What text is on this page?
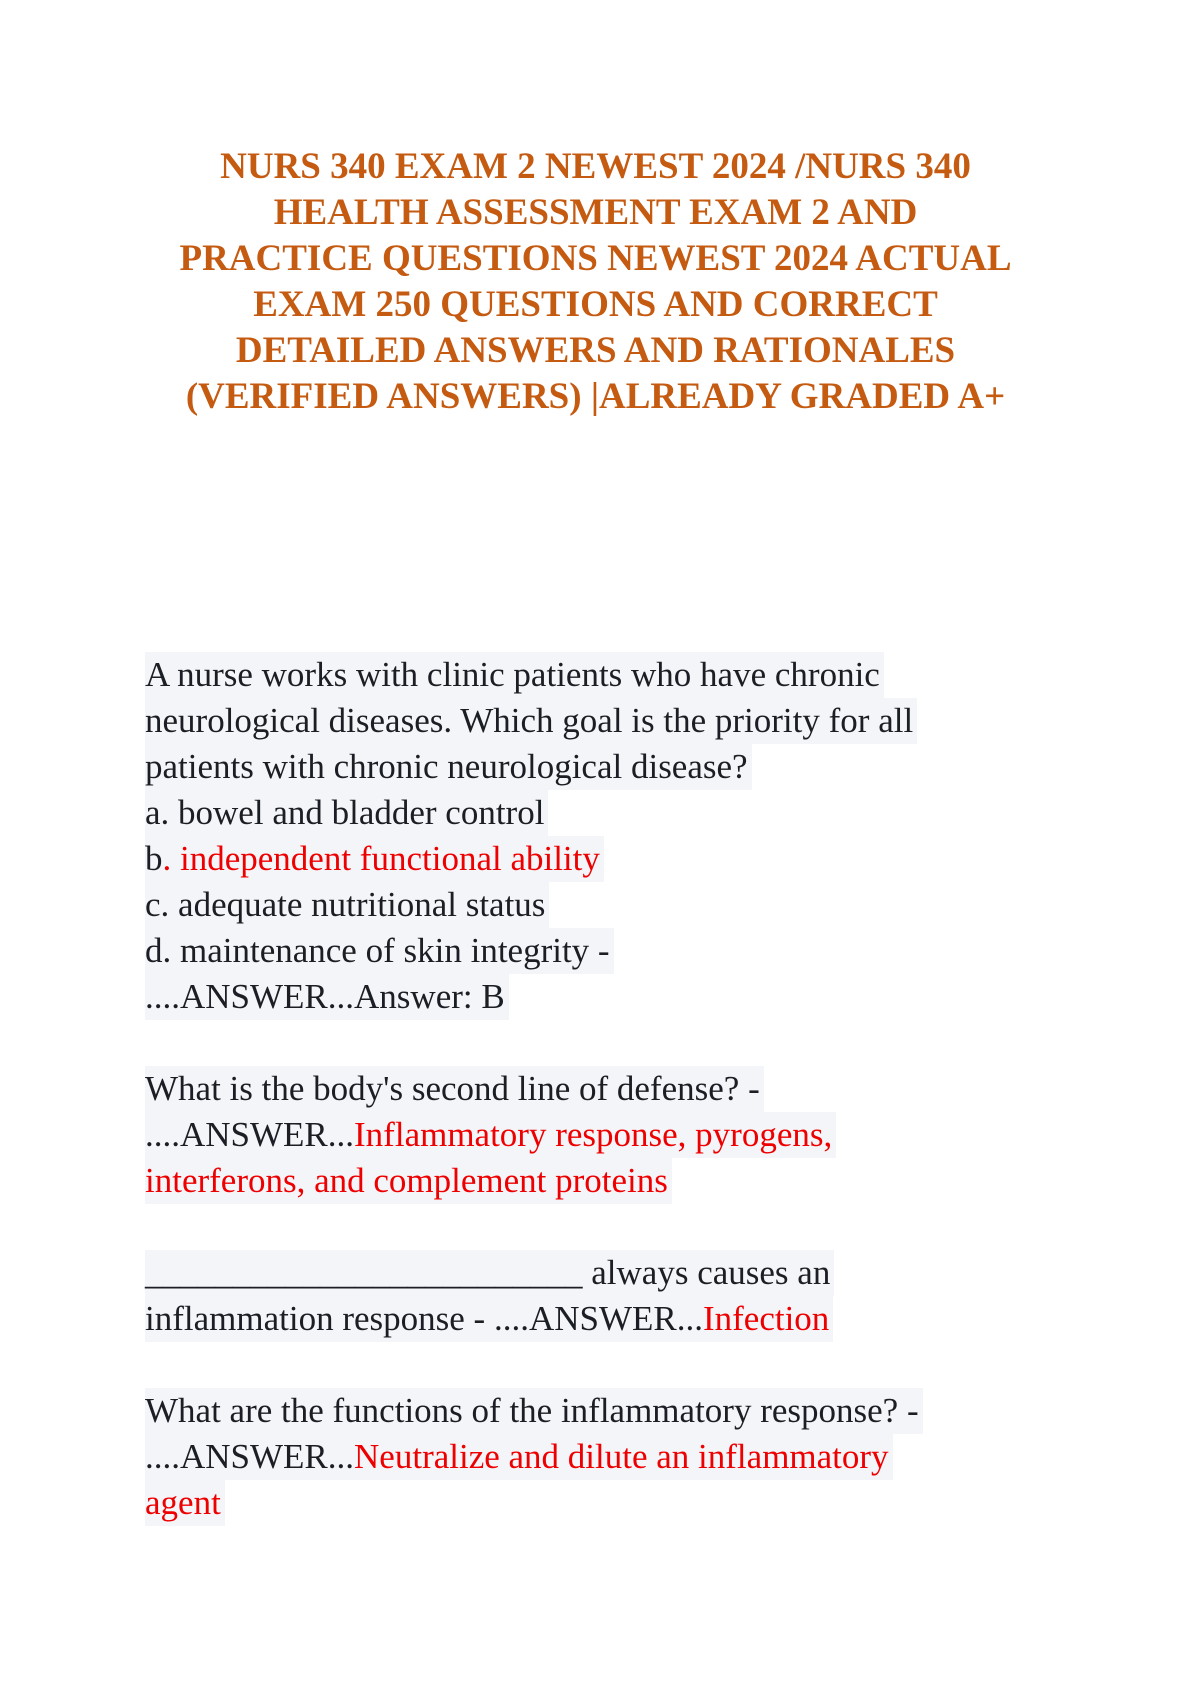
NURS 340 EXAM 2 NEWEST 2024 /NURS 340
HEALTH ASSESSMENT EXAM 2 AND
PRACTICE QUESTIONS NEWEST 2024 ACTUAL
EXAM 250 QUESTIONS AND CORRECT
DETAILED ANSWERS AND RATIONALES
(VERIFIED ANSWERS) |ALREADY GRADED A+
A nurse works with clinic patients who have chronic
neurological diseases. Which goal is the priority for all
patients with chronic neurological disease?
a. bowel and bladder control
b. independent functional ability
c. adequate nutritional status
d. maintenance of skin integrity -
....ANSWER...Answer: B
What is the body's second line of defense? -
....ANSWER...Inflammatory response, pyrogens,
interferons, and complement proteins
_________________________ always causes an
inflammation response - ....ANSWER...Infection
What are the functions of the inflammatory response? -
....ANSWER...Neutralize and dilute an inflammatory
agent
